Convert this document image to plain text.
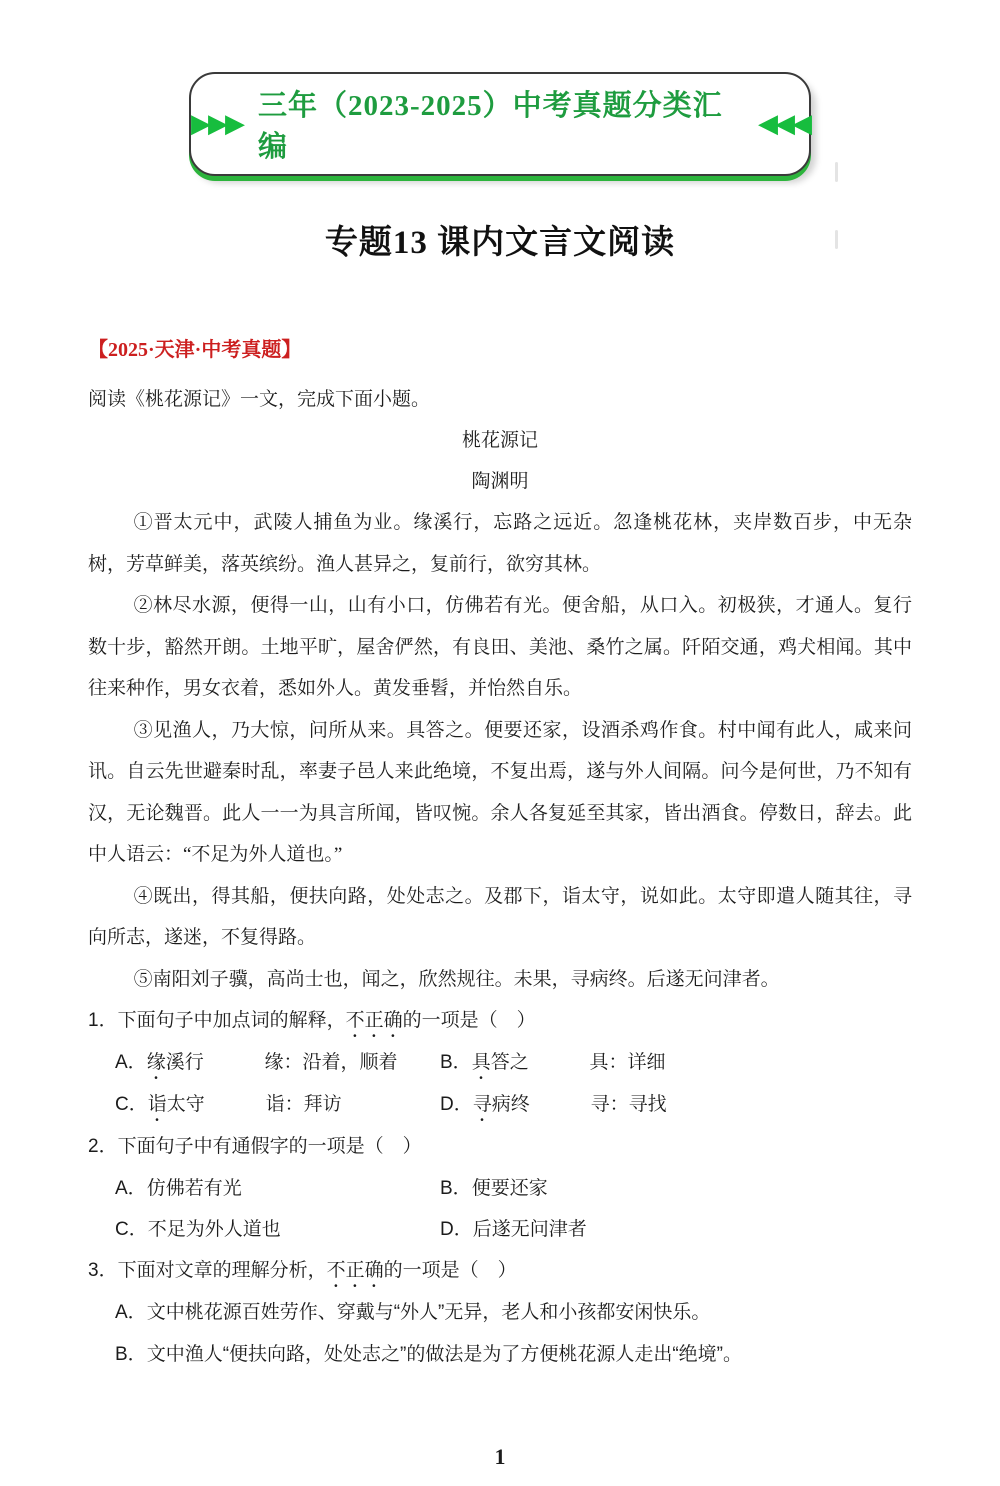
▶▶▶
三年（2023-2025）中考真题分类汇编
◀◀◀
专题13 课内文言文阅读
【2025·天津·中考真题】

阅读《桃花源记》一文，完成下面小题。

桃花源记
陶渊明

①晋太元中，武陵人捕鱼为业。缘溪行，忘路之远近。忽逢桃花林，夹岸数百步，中无杂树，芳草鲜美，落英缤纷。渔人甚异之，复前行，欲穷其林。

②林尽水源，便得一山，山有小口，仿佛若有光。便舍船，从口入。初极狭，才通人。复行数十步，豁然开朗。土地平旷，屋舍俨然，有良田、美池、桑竹之属。阡陌交通，鸡犬相闻。其中往来种作，男女衣着，悉如外人。黄发垂髫，并怡然自乐。

③见渔人，乃大惊，问所从来。具答之。便要还家，设酒杀鸡作食。村中闻有此人，咸来问讯。自云先世避秦时乱，率妻子邑人来此绝境，不复出焉，遂与外人间隔。问今是何世，乃不知有汉，无论魏晋。此人一一为具言所闻，皆叹惋。余人各复延至其家，皆出酒食。停数日，辞去。此中人语云：“不足为外人道也。”

④既出，得其船，便扶向路，处处志之。及郡下，诣太守，说如此。太守即遣人随其往，寻向所志，遂迷，不复得路。

⑤南阳刘子骥，高尚士也，闻之，欣然规往。未果，寻病终。后遂无问津者。

1．下面句子中加点词的解释，不正确的一项是（　）
A．缘溪行	缘：沿着，顺着	B．具答之	具：详细
C．诣太守	诣：拜访	D．寻病终	寻：寻找
2．下面句子中有通假字的一项是（　）
A．仿佛若有光	B．便要还家
C．不足为外人道也	D．后遂无问津者
3．下面对文章的理解分析，不正确的一项是（　）
A．文中桃花源百姓劳作、穿戴与“外人”无异，老人和小孩都安闲快乐。
B．文中渔人“便扶向路，处处志之”的做法是为了方便桃花源人走出“绝境”。
1
